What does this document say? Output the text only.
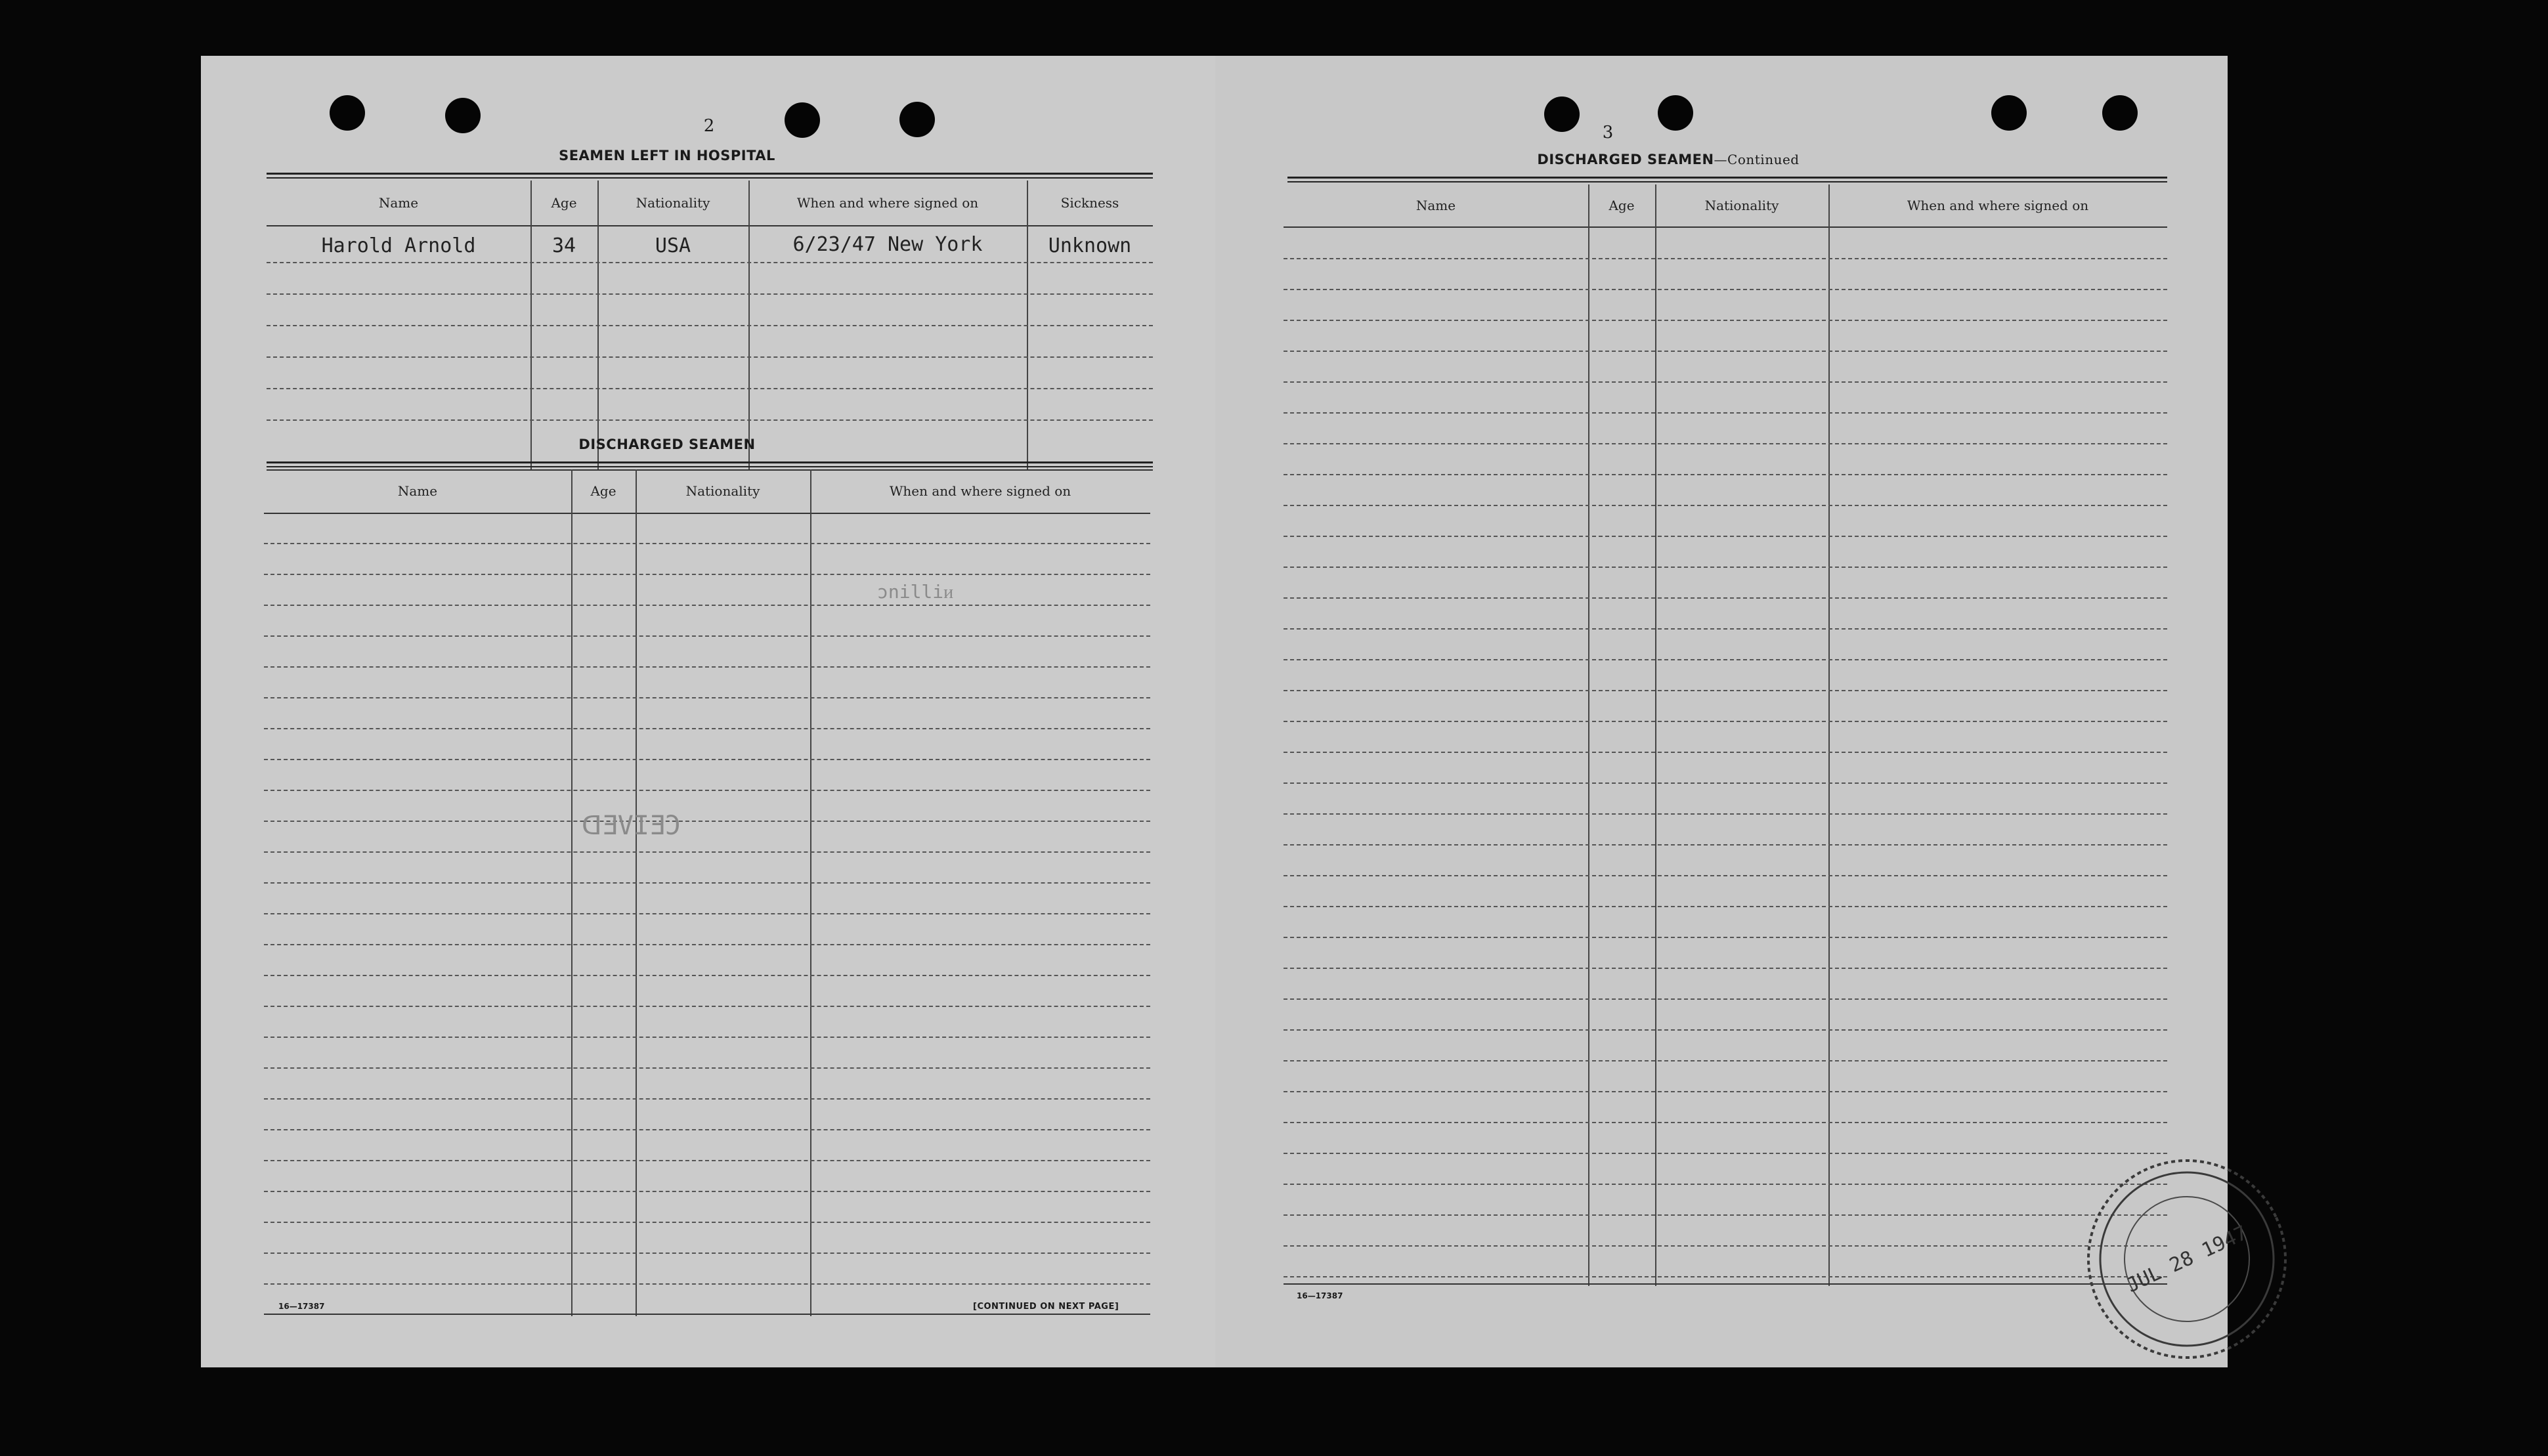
2
SEAMEN LEFT IN HOSPITAL
Name	Age	Nationality	When and where signed on	Sickness
Harold Arnold	34	USA	6/23/47 New York	Unknown
DISCHARGED SEAMEN
Name	Age	Nationality	When and where signed on
ɔnilliᴎ
ᗡƎVIƎƆ
16—17387	[CONTINUED ON NEXT PAGE]
3
DISCHARGED SEAMEN—Continued
Name	Age	Nationality	When and where signed on
16—17387	JUL 28 1947
